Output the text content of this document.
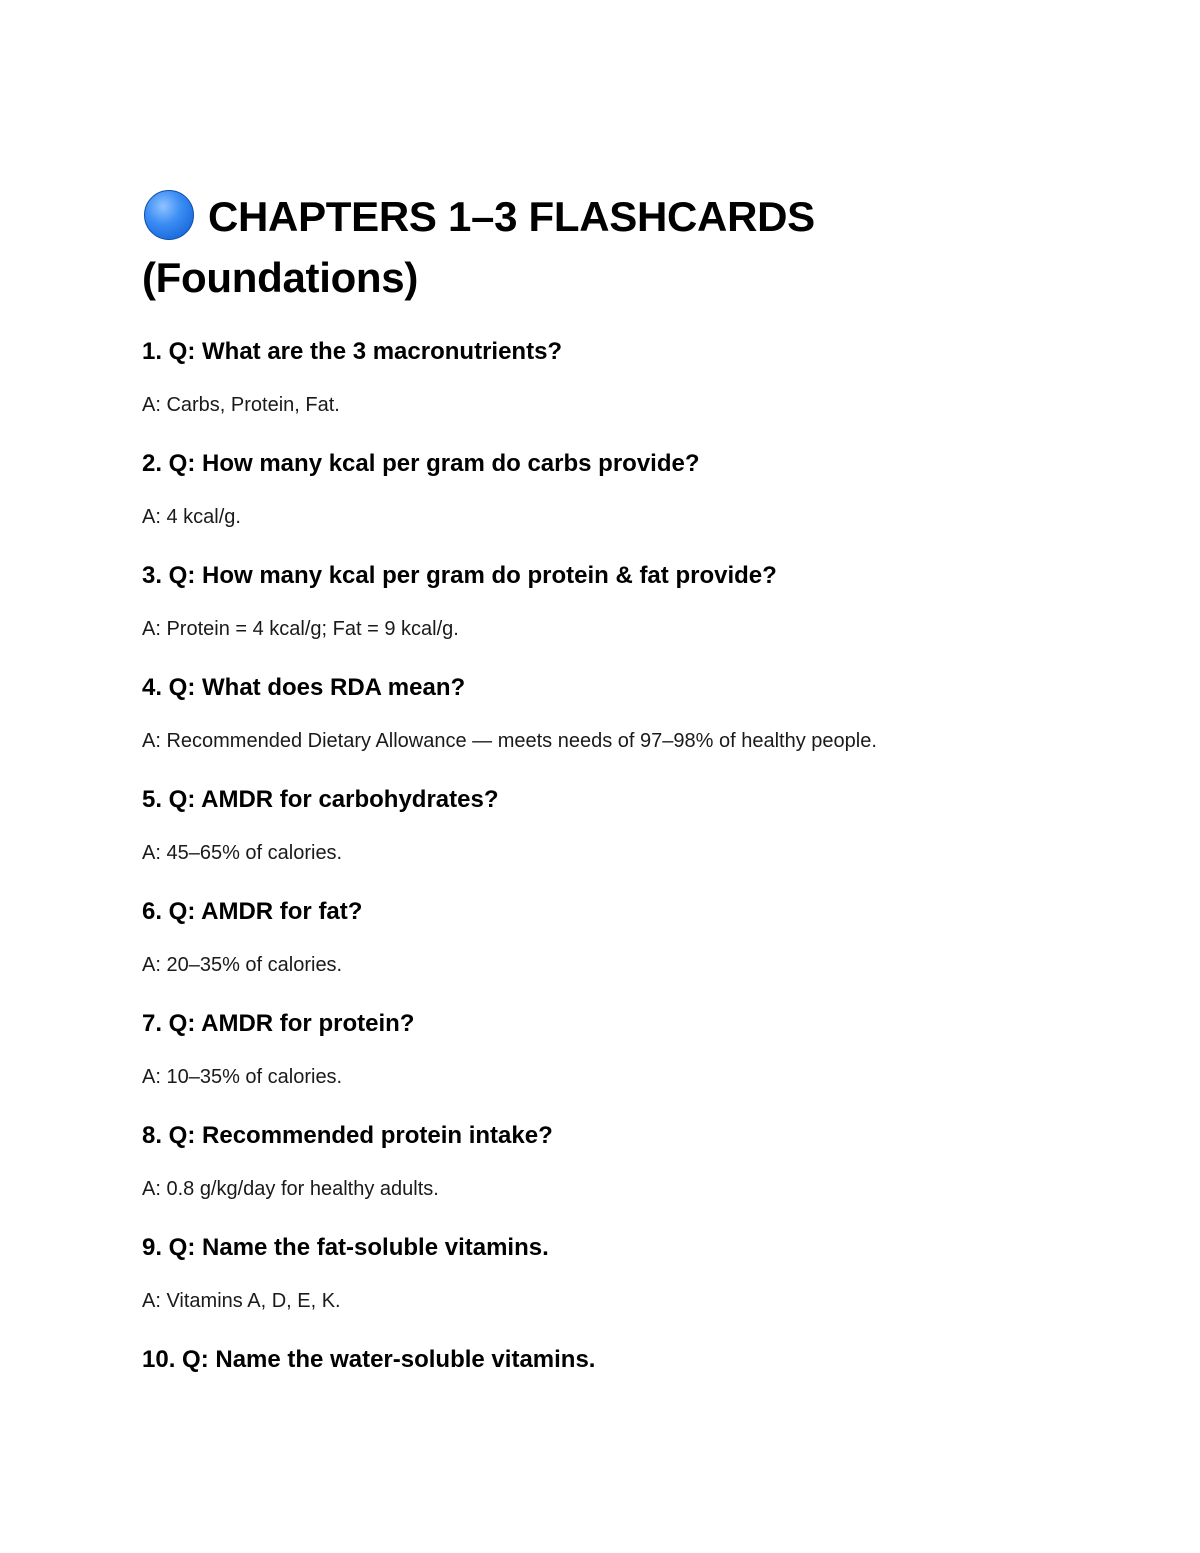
CHAPTERS 1–3 FLASHCARDS
(Foundations)
1. Q: What are the 3 macronutrients?
A: Carbs, Protein, Fat.
2. Q: How many kcal per gram do carbs provide?
A: 4 kcal/g.
3. Q: How many kcal per gram do protein & fat provide?
A: Protein = 4 kcal/g; Fat = 9 kcal/g.
4. Q: What does RDA mean?
A: Recommended Dietary Allowance — meets needs of 97–98% of healthy people.
5. Q: AMDR for carbohydrates?
A: 45–65% of calories.
6. Q: AMDR for fat?
A: 20–35% of calories.
7. Q: AMDR for protein?
A: 10–35% of calories.
8. Q: Recommended protein intake?
A: 0.8 g/kg/day for healthy adults.
9. Q: Name the fat-soluble vitamins.
A: Vitamins A, D, E, K.
10. Q: Name the water-soluble vitamins.
